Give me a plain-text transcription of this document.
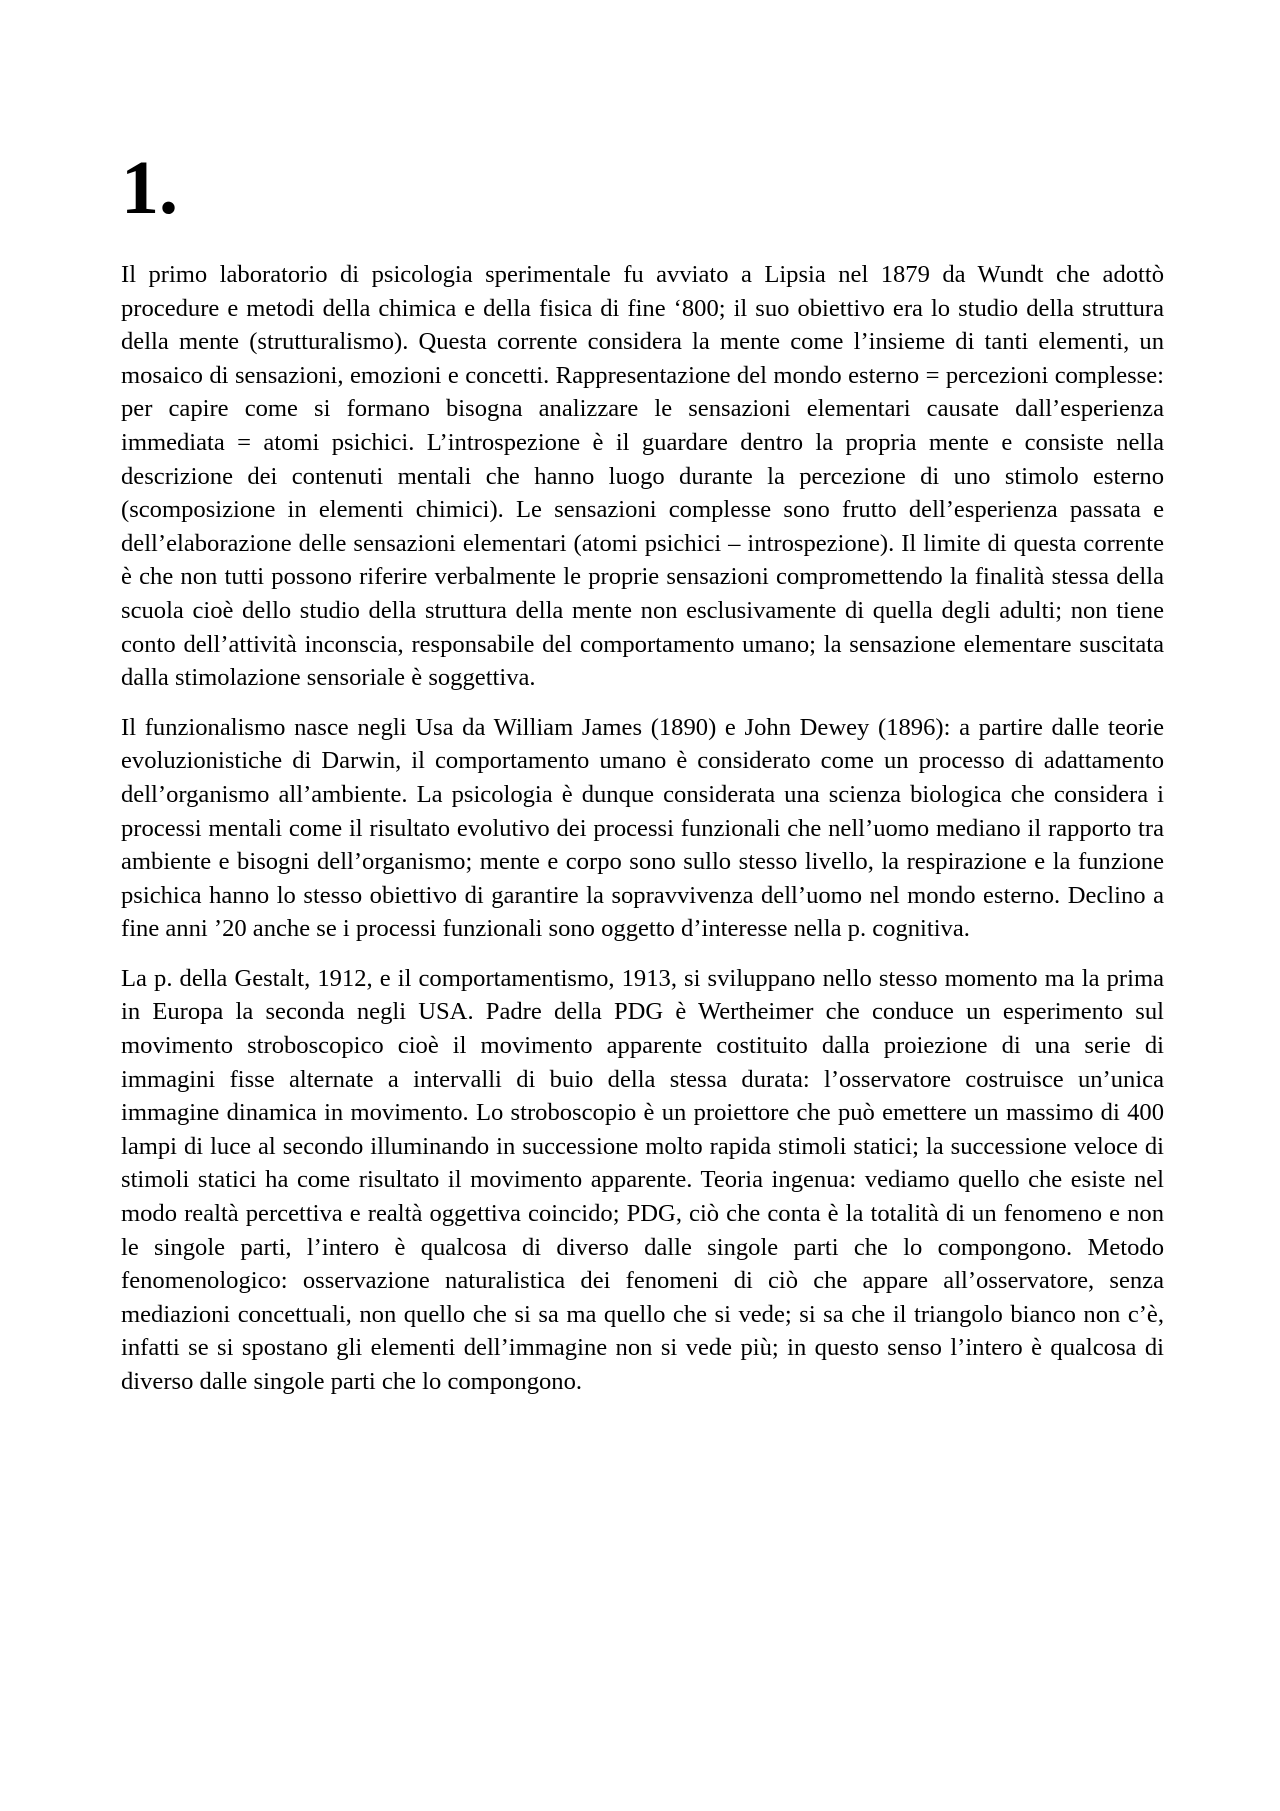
1.

Il primo laboratorio di psicologia sperimentale fu avviato a Lipsia nel 1879 da Wundt che adottò procedure e metodi della chimica e della fisica di fine ‘800; il suo obiettivo era lo studio della struttura della mente (strutturalismo). Questa corrente considera la mente come l’insieme di tanti elementi, un mosaico di sensazioni, emozioni e concetti. Rappresentazione del mondo esterno = percezioni complesse: per capire come si formano bisogna analizzare le sensazioni elementari causate dall’esperienza immediata = atomi psichici. L’introspezione è il guardare dentro la propria mente e consiste nella descrizione dei contenuti mentali che hanno luogo durante la percezione di uno stimolo esterno (scomposizione in elementi chimici). Le sensazioni complesse sono frutto dell’esperienza passata e dell’elaborazione delle sensazioni elementari (atomi psichici – introspezione). Il limite di questa corrente è che non tutti possono riferire verbalmente le proprie sensazioni compromettendo la finalità stessa della scuola cioè dello studio della struttura della mente non esclusivamente di quella degli adulti; non tiene conto dell’attività inconscia, responsabile del comportamento umano; la sensazione elementare suscitata dalla stimolazione sensoriale è soggettiva.

Il funzionalismo nasce negli Usa da William James (1890) e John Dewey (1896): a partire dalle teorie evoluzionistiche di Darwin, il comportamento umano è considerato come un processo di adattamento dell’organismo all’ambiente. La psicologia è dunque considerata una scienza biologica che considera i processi mentali come il risultato evolutivo dei processi funzionali che nell’uomo mediano il rapporto tra ambiente e bisogni dell’organismo; mente e corpo sono sullo stesso livello, la respirazione e la funzione psichica hanno lo stesso obiettivo di garantire la sopravvivenza dell’uomo nel mondo esterno. Declino a fine anni ’20 anche se i processi funzionali sono oggetto d’interesse nella p. cognitiva.

La p. della Gestalt, 1912, e il comportamentismo, 1913, si sviluppano nello stesso momento ma la prima in Europa la seconda negli USA. Padre della PDG è Wertheimer che conduce un esperimento sul movimento stroboscopico cioè il movimento apparente costituito dalla proiezione di una serie di immagini fisse alternate a intervalli di buio della stessa durata: l’osservatore costruisce un’unica immagine dinamica in movimento. Lo stroboscopio è un proiettore che può emettere un massimo di 400 lampi di luce al secondo illuminando in successione molto rapida stimoli statici; la successione veloce di stimoli statici ha come risultato il movimento apparente. Teoria ingenua: vediamo quello che esiste nel modo realtà percettiva e realtà oggettiva coincido; PDG, ciò che conta è la totalità di un fenomeno e non le singole parti, l’intero è qualcosa di diverso dalle singole parti che lo compongono. Metodo fenomenologico: osservazione naturalistica dei fenomeni di ciò che appare all’osservatore, senza mediazioni concettuali, non quello che si sa ma quello che si vede; si sa che il triangolo bianco non c’è, infatti se si spostano gli elementi dell’immagine non si vede più; in questo senso l’intero è qualcosa di diverso dalle singole parti che lo compongono.
